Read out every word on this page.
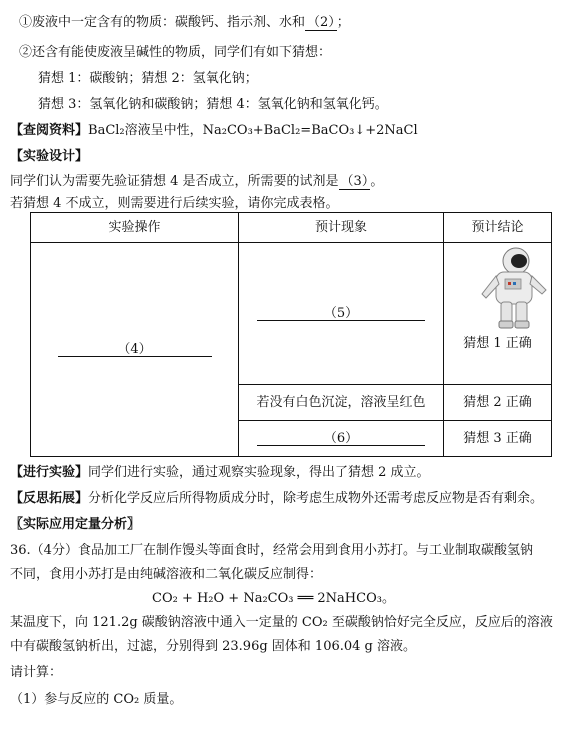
①废液中一定含有的物质：碳酸钙、指示剂、水和 （2） ；
②还含有能使废液呈碱性的物质，同学们有如下猜想：
猜想 1：碳酸钠；猜想 2：氢氧化钠；
猜想 3：氢氧化钠和碳酸钠；猜想 4：氢氧化钠和氢氧化钙。
【查阅资料】BaCl₂溶液呈中性，Na₂CO₃+BaCl₂=BaCO₃↓+2NaCl
【实验设计】
同学们认为需要先验证猜想 4 是否成立，所需要的试剂是 （3） 。
若猜想 4 不成立，则需要进行后续实验，请你完成表格。
实验操作	预计现象	预计结论
（4）	（5）	猜想 1 正确
	若没有白色沉淀，溶液呈红色	猜想 2 正确
	（6）	猜想 3 正确
【进行实验】同学们进行实验，通过观察实验现象，得出了猜想 2 成立。
【反思拓展】分析化学反应后所得物质成分时，除考虑生成物外还需考虑反应物是否有剩余。
〖实际应用定量分析〗
36.（4分）食品加工厂在制作馒头等面食时，经常会用到食用小苏打。与工业制取碳酸氢钠
不同，食用小苏打是由纯碱溶液和二氧化碳反应制得：
CO₂ + H₂O + Na₂CO₃ ══ 2NaHCO₃。
某温度下，向 121.2g 碳酸钠溶液中通入一定量的 CO₂ 至碳酸钠恰好完全反应，反应后的溶液
中有碳酸氢钠析出，过滤，分别得到 23.96g 固体和 106.04 g 溶液。
请计算：
（1）参与反应的 CO₂ 质量。
